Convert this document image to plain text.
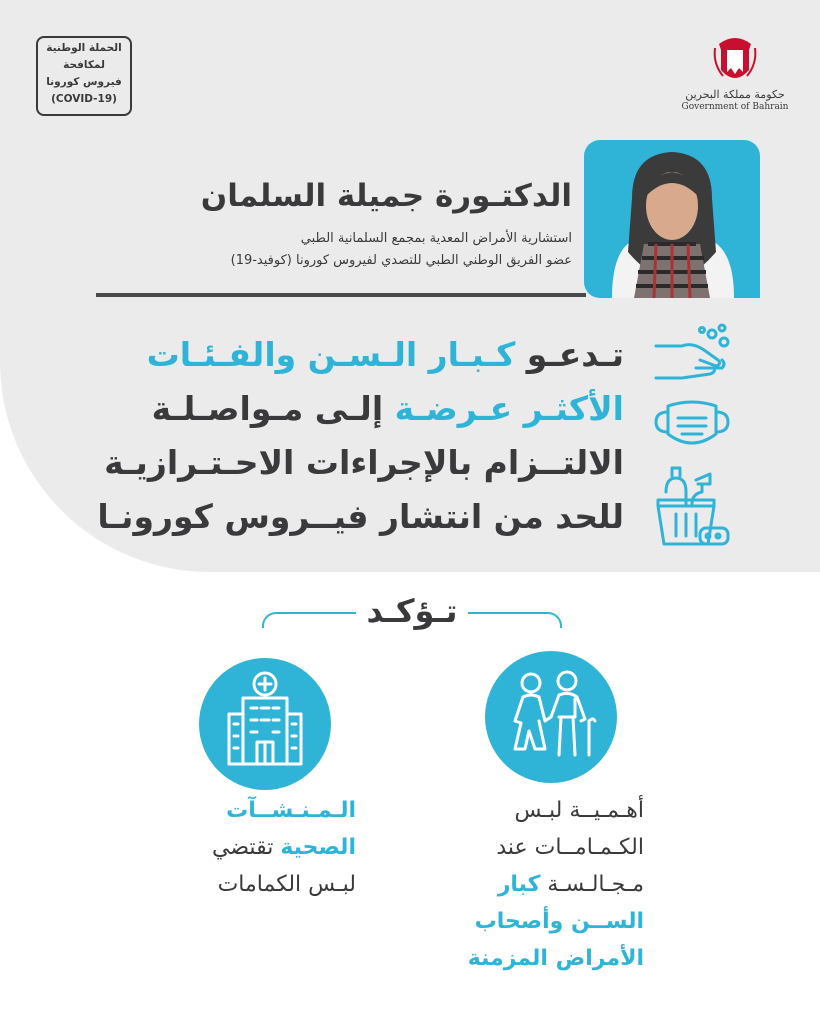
الحملة الوطنية
لمكافحة
فيروس كورونا
(COVID-19)	حكومة مملكة البحرين
Government of Bahrain
الدكتـورة جميلة السلمان
استشارية الأمراض المعدية بمجمع السلمانية الطبي
عضو الفريق الوطني الطبي للتصدي لفيروس كورونا (كوفيد-19)
تـدعـو كـبـار الـسـن والفـئـات
الأكثـر عـرضـة إلـى مـواصـلـة
الالتــزام بالإجراءات الاحـتـرازيـة
للحد من انتشار فيــروس كورونـا
تـؤكـد
الـمـنـشــآت
الصحية تقتضي
لبـس الكمامات
أهـمـيــة لبـس
الكـمـامــات عند
مـجـالـسـة كبار
الســن وأصحاب
الأمراض المزمنة
